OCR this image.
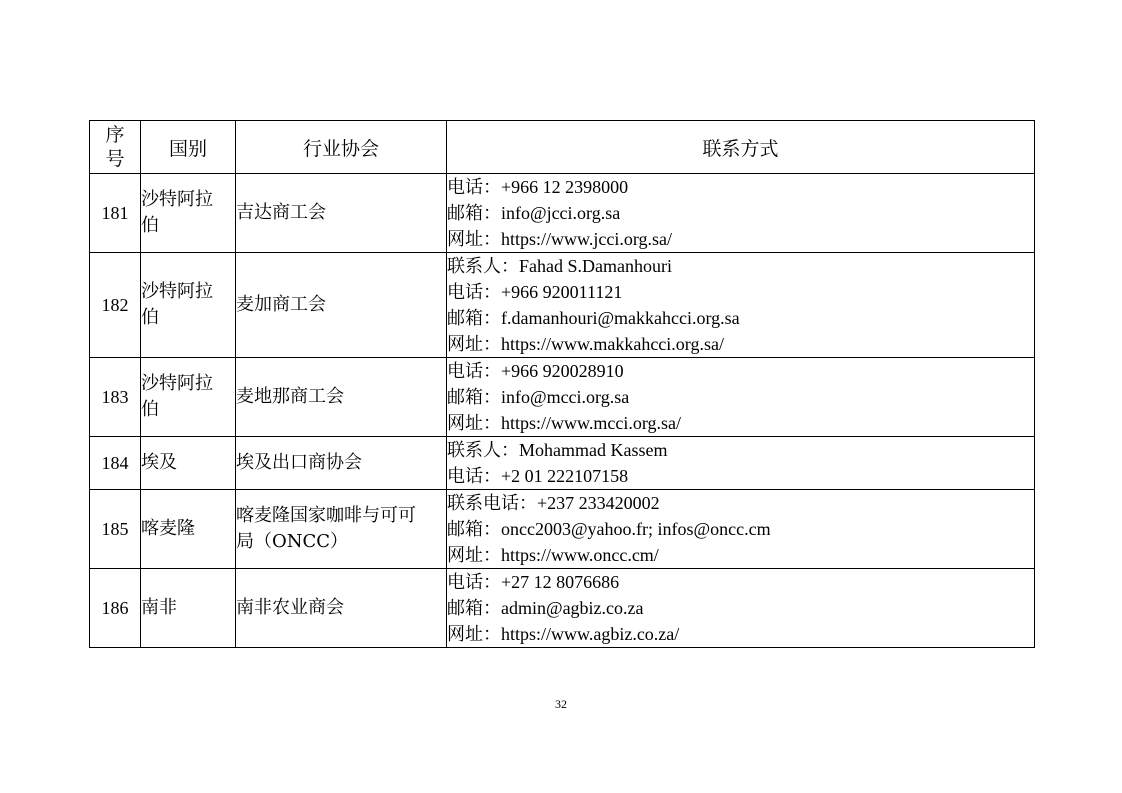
序号	国别	行业协会	联系方式
181	沙特阿拉伯	吉达商工会	电话：+966 12 2398000
邮箱：info@jcci.org.sa
网址：https://www.jcci.org.sa/

182	沙特阿拉伯	麦加商工会	联系人：Fahad S.Damanhouri
电话：+966 920011121
邮箱：f.damanhouri@makkahcci.org.sa
网址：https://www.makkahcci.org.sa/

183	沙特阿拉伯	麦地那商工会	电话：+966 920028910
邮箱：info@mcci.org.sa
网址：https://www.mcci.org.sa/

184	埃及	埃及出口商协会	联系人：Mohammad Kassem
电话：+2 01 222107158

185	喀麦隆	喀麦隆国家咖啡与可可局（ONCC）	联系电话：+237 233420002
邮箱：oncc2003@yahoo.fr; infos@oncc.cm
网址：https://www.oncc.cm/

186	南非	南非农业商会	电话：+27 12 8076686
邮箱：admin@agbiz.co.za
网址：https://www.agbiz.co.za/
32
